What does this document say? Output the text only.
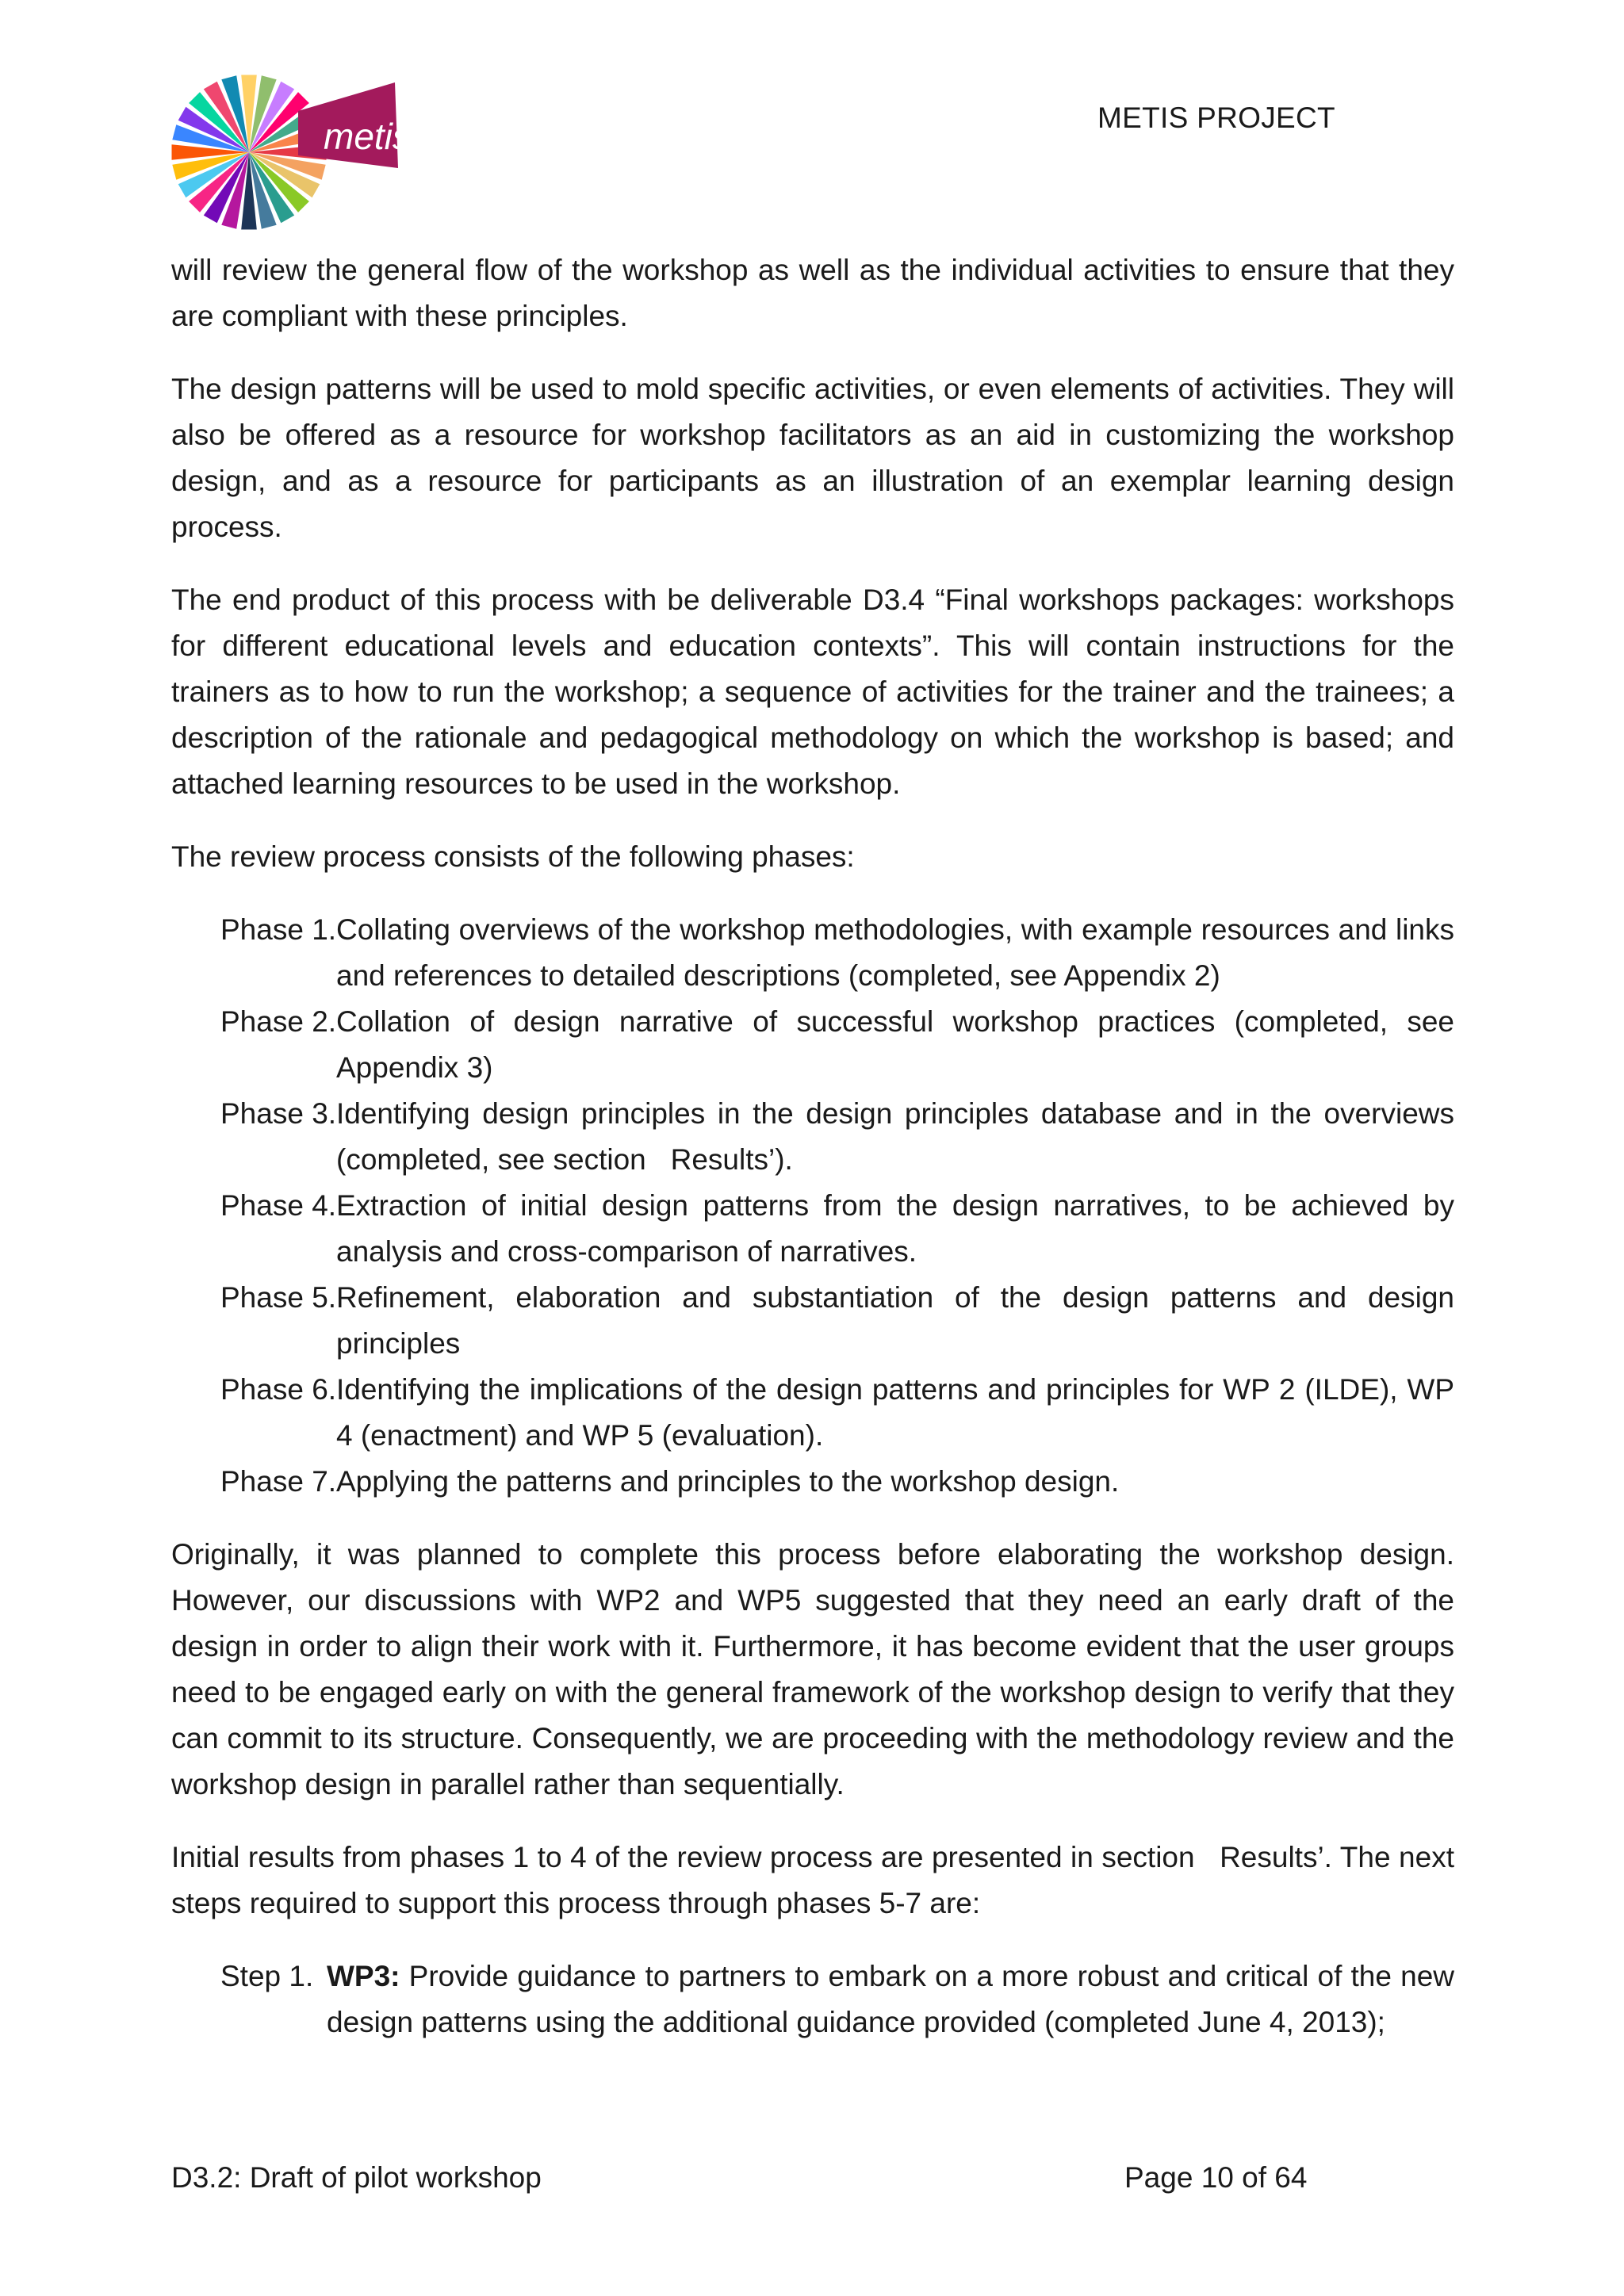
metis	METIS PROJECT

will review the general flow of the workshop as well as the individual activities to ensure that they are compliant with these principles.

The design patterns will be used to mold specific activities, or even elements of activities. They will also be offered as a resource for workshop facilitators as an aid in customizing the workshop design, and as a resource for participants as an illustration of an exemplar learning design process.

The end product of this process with be deliverable D3.4 “Final workshops packages: workshops for different educational levels and education contexts”. This will contain instructions for the trainers as to how to run the workshop; a sequence of activities for the trainer and the trainees; a description of the rationale and pedagogical methodology on which the workshop is based; and attached learning resources to be used in the workshop.

The review process consists of the following phases:

Phase 1. Collating overviews of the workshop methodologies, with example resources and links and references to detailed descriptions (completed, see Appendix 2)
Phase 2. Collation of design narrative of successful workshop practices (completed, see Appendix 3)
Phase 3. Identifying design principles in the design principles database and in the overviews (completed, see section   Results’).
Phase 4. Extraction of initial design patterns from the design narratives, to be achieved by analysis and cross-comparison of narratives.
Phase 5. Refinement, elaboration and substantiation of the design patterns and design principles
Phase 6. Identifying the implications of the design patterns and principles for WP 2 (ILDE), WP 4 (enactment) and WP 5 (evaluation).
Phase 7. Applying the patterns and principles to the workshop design.

Originally, it was planned to complete this process before elaborating the workshop design. However, our discussions with WP2 and WP5 suggested that they need an early draft of the design in order to align their work with it. Furthermore, it has become evident that the user groups need to be engaged early on with the general framework of the workshop design to verify that they can commit to its structure. Consequently, we are proceeding with the methodology review and the workshop design in parallel rather than sequentially.

Initial results from phases 1 to 4 of the review process are presented in section   Results’. The next steps required to support this process through phases 5-7 are:

Step 1. WP3: Provide guidance to partners to embark on a more robust and critical of the new design patterns using the additional guidance provided (completed June 4, 2013);
D3.2: Draft of pilot workshop	Page 10 of 64
